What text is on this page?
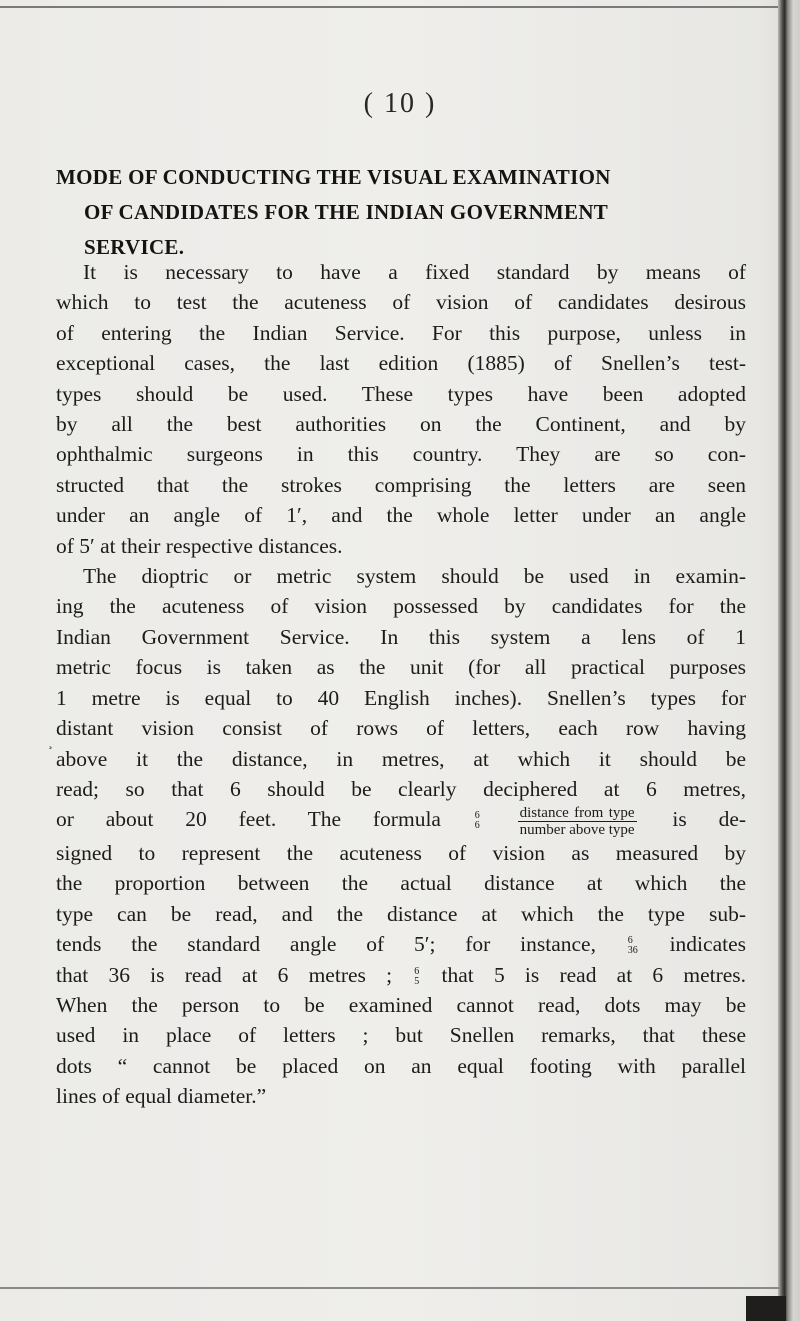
( 10 )
MODE OF CONDUCTING THE VISUAL EXAMINATION
OF CANDIDATES FOR THE INDIAN GOVERNMENT
SERVICE.
¸
It is necessary to have a fixed standard by means of
which to test the acuteness of vision of candidates desirous
of entering the Indian Service. For this purpose, unless in
exceptional cases, the last edition (1885) of Snellen’s test-
types should be used. These types have been adopted
by all the best authorities on the Continent, and by
ophthalmic surgeons in this country. They are so con-
structed that the strokes comprising the letters are seen
under an angle of 1′, and the whole letter under an angle
of 5′ at their respective distances.
The dioptric or metric system should be used in examin-
ing the acuteness of vision possessed by candidates for the
Indian Government Service. In this system a lens of 1
metric focus is taken as the unit (for all practical purposes
1 metre is equal to 40 English inches). Snellen’s types for
distant vision consist of rows of letters, each row having
above it the distance, in metres, at which it should be
read; so that 6 should be clearly deciphered at 6 metres,
or about 20 feet. The formula	6
6
	$\frac{\text{distance from type}}{\text{number above type}}$ is de-
signed to represent the acuteness of vision as measured by
the proportion between the actual distance at which the
type can be read, and the distance at which the type sub-
tends the standard angle of 5′; for instance,	6
36 indicates
that 36 is read at 6 metres ; 6
5 that 5 is read at 6 metres.
When the person to be examined cannot read, dots may be
used in place of letters ; but Snellen remarks, that these
dots “ cannot be placed on an equal footing with parallel
lines of equal diameter.”
